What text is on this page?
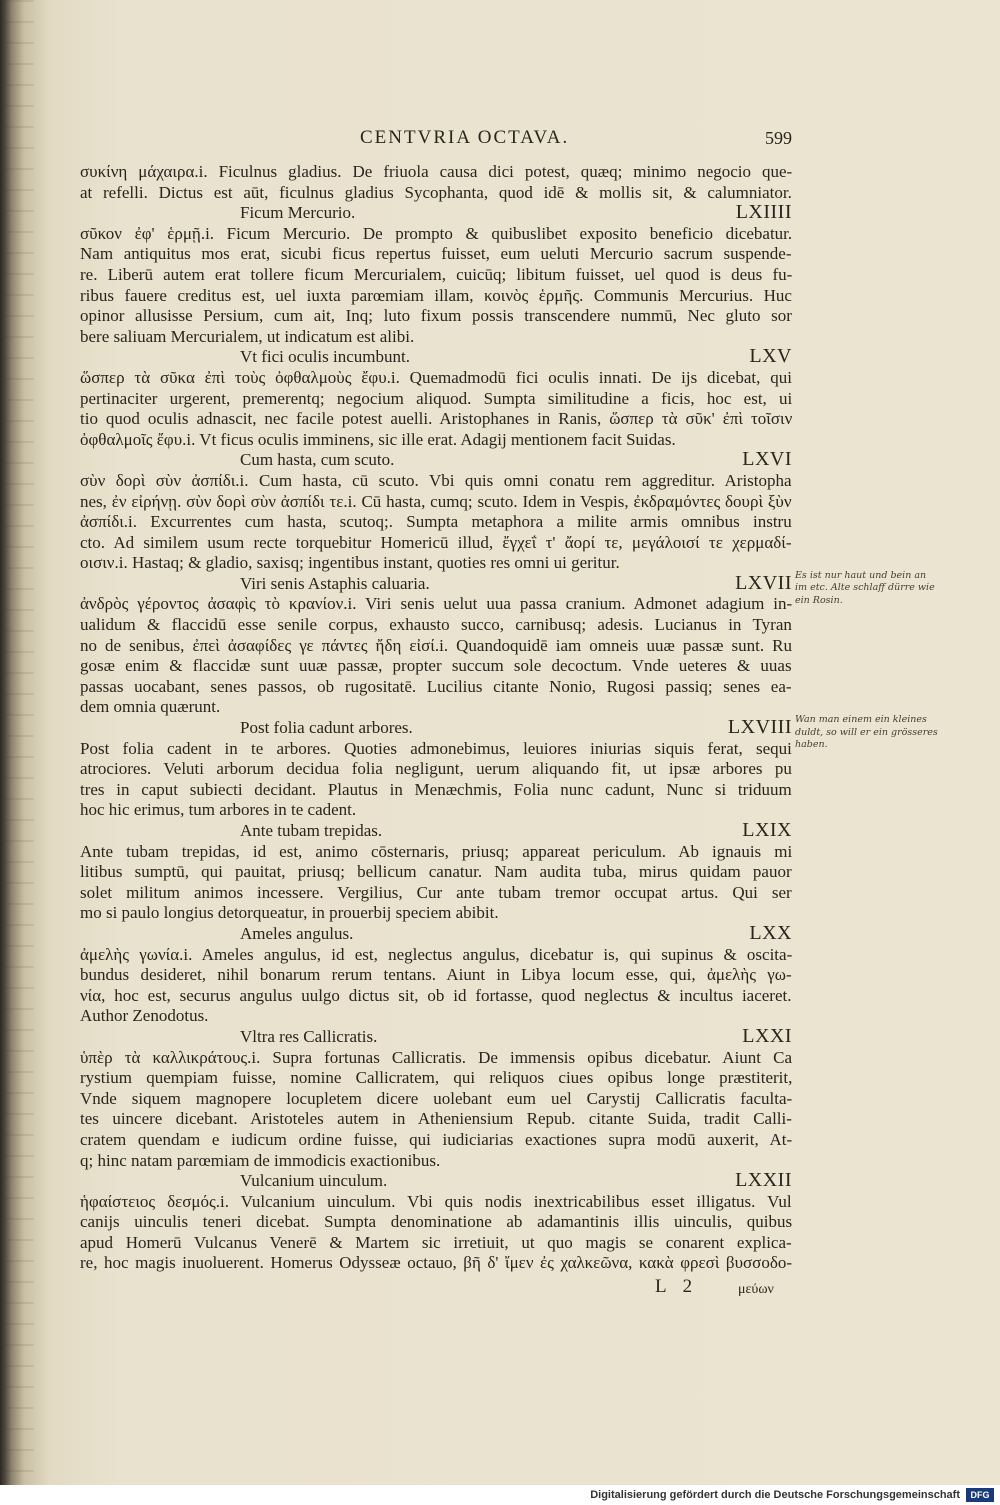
CENTVRIA OCTAVA.	599
συκίνη μάχαιρα.i. Ficulnus gladius. De friuola causa dici potest, quæq; minimo negocio que-
at refelli. Dictus est aūt, ficulnus gladius Sycophanta, quod idē & mollis sit, & calumniator.
Ficum Mercurio.	LXIIII
σῦκον ἐφ' ἑρμῇ.i. Ficum Mercurio. De prompto & quibuslibet exposito beneficio dicebatur.
Nam antiquitus mos erat, sicubi ficus repertus fuisset, eum ueluti Mercurio sacrum suspende-
re. Liberū autem erat tollere ficum Mercurialem, cuicūq; libitum fuisset, uel quod is deus fu-
ribus fauere creditus est, uel iuxta parœmiam illam, κοινὸς ἑρμῆς. Communis Mercurius. Huc
opinor allusisse Persium, cum ait, Inq; luto fixum possis transcendere nummū, Nec gluto sor
bere saliuam Mercurialem, ut indicatum est alibi.
Vt fici oculis incumbunt.	LXV
ὥσπερ τὰ σῦκα ἐπὶ τοὺς ὀφθαλμοὺς ἔφυ.i. Quemadmodū fici oculis innati. De ijs dicebat, qui
pertinaciter urgerent, premerentq; negocium aliquod. Sumpta similitudine a ficis, hoc est, ui
tio quod oculis adnascit, nec facile potest auelli. Aristophanes in Ranis, ὥσπερ τὰ σῦκ' ἐπὶ τοῖσιν
ὀφθαλμοῖς ἔφυ.i. Vt ficus oculis imminens, sic ille erat. Adagij mentionem facit Suidas.
Cum hasta, cum scuto.	LXVI
σὺν δορὶ σὺν ἀσπίδι.i. Cum hasta, cū scuto. Vbi quis omni conatu rem aggreditur. Aristopha
nes, ἐν εἰρήνῃ. σὺν δορὶ σὺν ἀσπίδι τε.i. Cū hasta, cumq; scuto. Idem in Vespis, ἐκδραμόντες δουρὶ ξὺν
ἀσπίδι.i. Excurrentes cum hasta, scutoq;. Sumpta metaphora a milite armis omnibus instru
cto. Ad similem usum recte torquebitur Homericū illud, ἔγχεΐ τ' ἄορί τε, μεγάλοισί τε χερμαδί-
οισιν.i. Hastaq; & gladio, saxisq; ingentibus instant, quoties res omni ui geritur.
Viri senis Astaphis caluaria.	LXVII Es ist nur haut und bein an
im etc. Alte schlaff dürre wie
ein Rosin.
ἀνδρὸς γέροντος ἀσαφὶς τὸ κρανίον.i. Viri senis uelut uua passa cranium. Admonet adagium in-
ualidum & flaccidū esse senile corpus, exhausto succo, carnibusq; adesis. Lucianus in Tyran
no de senibus, ἐπεὶ ἀσαφίδες γε πάντες ἤδη εἰσί.i. Quandoquidē iam omneis uuæ passæ sunt. Ru
gosæ enim & flaccidæ sunt uuæ passæ, propter succum sole decoctum. Vnde ueteres & uuas
passas uocabant, senes passos, ob rugositatē. Lucilius citante Nonio, Rugosi passiq; senes ea-
dem omnia quærunt.
Post folia cadunt arbores.	LXVIII Wan man einem ein kleines
duldt, so will er ein grösseres
haben.
Post folia cadent in te arbores. Quoties admonebimus, leuiores iniurias siquis ferat, sequi
atrociores. Veluti arborum decidua folia negligunt, uerum aliquando fit, ut ipsæ arbores pu
tres in caput subiecti decidant. Plautus in Menæchmis, Folia nunc cadunt, Nunc si triduum
hoc hic erimus, tum arbores in te cadent.
Ante tubam trepidas.	LXIX
Ante tubam trepidas, id est, animo cōsternaris, priusq; appareat periculum. Ab ignauis mi
litibus sumptū, qui pauitat, priusq; bellicum canatur. Nam audita tuba, mirus quidam pauor
solet militum animos incessere. Vergilius, Cur ante tubam tremor occupat artus. Qui ser
mo si paulo longius detorqueatur, in prouerbij speciem abibit.
Ameles angulus.	LXX
ἀμελὴς γωνία.i. Ameles angulus, id est, neglectus angulus, dicebatur is, qui supinus & oscita-
bundus desideret, nihil bonarum rerum tentans. Aiunt in Libya locum esse, qui, ἀμελὴς γω-
νία, hoc est, securus angulus uulgo dictus sit, ob id fortasse, quod neglectus & incultus iaceret.
Author Zenodotus.
Vltra res Callicratis.	LXXI
ὑπὲρ τὰ καλλικράτους.i. Supra fortunas Callicratis. De immensis opibus dicebatur. Aiunt Ca
rystium quempiam fuisse, nomine Callicratem, qui reliquos ciues opibus longe præstiterit,
Vnde siquem magnopere locupletem dicere uolebant eum uel Carystij Callicratis faculta-
tes uincere dicebant. Aristoteles autem in Atheniensium Repub. citante Suida, tradit Calli-
cratem quendam e iudicum ordine fuisse, qui iudiciarias exactiones supra modū auxerit, At-
q; hinc natam parœmiam de immodicis exactionibus.
Vulcanium uinculum.	LXXII
ἡφαίστειος δεσμός.i. Vulcanium uinculum. Vbi quis nodis inextricabilibus esset illigatus. Vul
canijs uinculis teneri dicebat. Sumpta denominatione ab adamantinis illis uinculis, quibus
apud Homerū Vulcanus Venerē & Martem sic irretiuit, ut quo magis se conarent explica-
re, hoc magis inuoluerent. Homerus Odysseæ octauo, βῆ δ' ἴμεν ἐς χαλκεῶνα, κακὰ φρεσὶ βυσσοδο-
L 2	μεύων
Digitalisierung gefördert durch die Deutsche Forschungsgemeinschaft	DFG
